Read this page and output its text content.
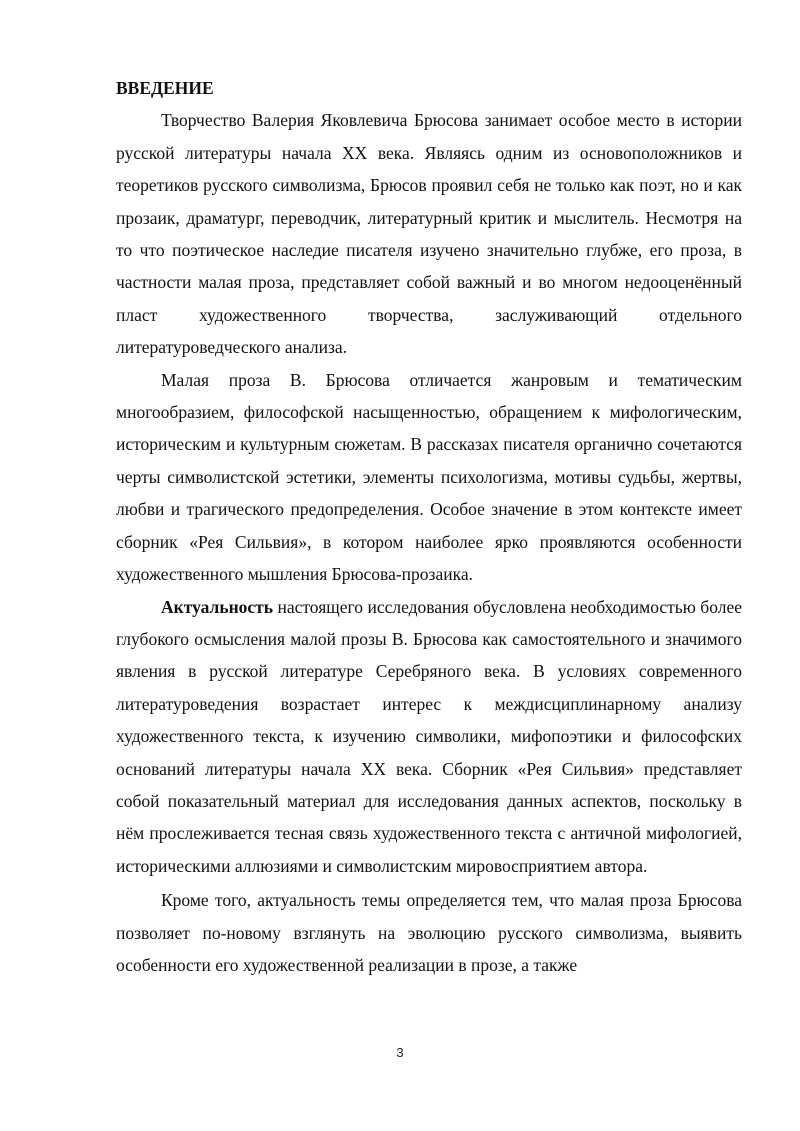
ВВЕДЕНИЕ

Творчество Валерия Яковлевича Брюсова занимает особое место в истории русской литературы начала XX века. Являясь одним из основоположников и теоретиков русского символизма, Брюсов проявил себя не только как поэт, но и как прозаик, драматург, переводчик, литературный критик и мыслитель. Несмотря на то что поэтическое наследие писателя изучено значительно глубже, его проза, в частности малая проза, представляет собой важный и во многом недооценённый пласт художественного творчества, заслуживающий отдельного литературоведческого анализа.

Малая проза В. Брюсова отличается жанровым и тематическим многообразием, философской насыщенностью, обращением к мифологическим, историческим и культурным сюжетам. В рассказах писателя органично сочетаются черты символистской эстетики, элементы психологизма, мотивы судьбы, жертвы, любви и трагического предопределения. Особое значение в этом контексте имеет сборник «Рея Сильвия», в котором наиболее ярко проявляются особенности художественного мышления Брюсова-прозаика.

Актуальность настоящего исследования обусловлена необходимостью более глубокого осмысления малой прозы В. Брюсова как самостоятельного и значимого явления в русской литературе Серебряного века. В условиях современного литературоведения возрастает интерес к междисциплинарному анализу художественного текста, к изучению символики, мифопоэтики и философских оснований литературы начала XX века. Сборник «Рея Сильвия» представляет собой показательный материал для исследования данных аспектов, поскольку в нём прослеживается тесная связь художественного текста с античной мифологией, историческими аллюзиями и символистским мировосприятием автора.

Кроме того, актуальность темы определяется тем, что малая проза Брюсова позволяет по-новому взглянуть на эволюцию русского символизма, выявить особенности его художественной реализации в прозе, а также

3
